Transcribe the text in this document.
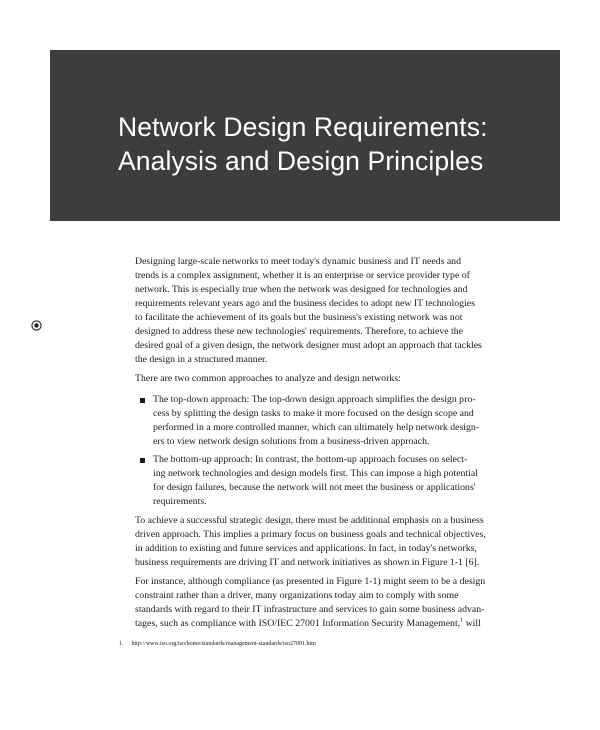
Network Design Requirements:
Analysis and Design Principles
Designing large-scale networks to meet today's dynamic business and IT needs and
trends is a complex assignment, whether it is an enterprise or service provider type of
network. This is especially true when the network was designed for technologies and
requirements relevant years ago and the business decides to adopt new IT technologies
to facilitate the achievement of its goals but the business's existing network was not
designed to address these new technologies' requirements. Therefore, to achieve the
desired goal of a given design, the network designer must adopt an approach that tackles
the design in a structured manner.
There are two common approaches to analyze and design networks:
The top-down approach: The top-down design approach simplifies the design pro-
cess by splitting the design tasks to make it more focused on the design scope and
performed in a more controlled manner, which can ultimately help network design-
ers to view network design solutions from a business-driven approach.
The bottom-up approach: In contrast, the bottom-up approach focuses on select-
ing network technologies and design models first. This can impose a high potential
for design failures, because the network will not meet the business or applications'
requirements.
To achieve a successful strategic design, there must be additional emphasis on a business
driven approach. This implies a primary focus on business goals and technical objectives,
in addition to existing and future services and applications. In fact, in today's networks,
business requirements are driving IT and network initiatives as shown in Figure 1-1 [6].
For instance, although compliance (as presented in Figure 1-1) might seem to be a design
constraint rather than a driver, many organizations today aim to comply with some
standards with regard to their IT infrastructure and services to gain some business advan-
tages, such as compliance with ISO/IEC 27001 Information Security Management,$^1$ will
1. http://www.iso.org/iso/home/standards/management-standards/iso27001.htm
